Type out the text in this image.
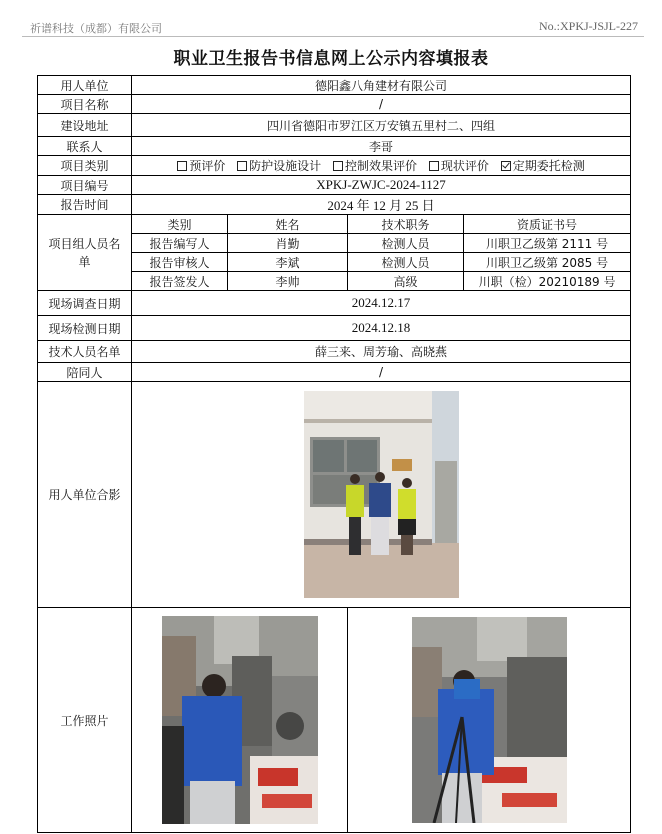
祈谱科技（成都）有限公司	No.:XPKJ-JSJL-227
职业卫生报告书信息网上公示内容填报表
用人单位	德阳鑫八角建材有限公司			
项目名称	/			
建设地址	四川省德阳市罗江区万安镇五里村二、四组			
联系人	李哥			
项目类别	预评价 防护设施设计 控制效果评价 现状评价 定期委托检测			
项目编号	XPKJ-ZWJC-2024-1127			
报告时间	2024 年 12 月 25 日			
项目组人员名单	类别	姓名	技术职务	资质证书号
	报告编写人	肖勤	检测人员	川职卫乙级第 2111 号
	报告审核人	李斌	检测人员	川职卫乙级第 2085 号
	报告签发人	李帅	高级	川职（检）20210189 号
现场调查日期	2024.12.17			
现场检测日期	2024.12.18			
技术人员名单	薛三来、周芳瑜、高晓燕			
陪同人	/			
用人单位合影	

工作照片	
